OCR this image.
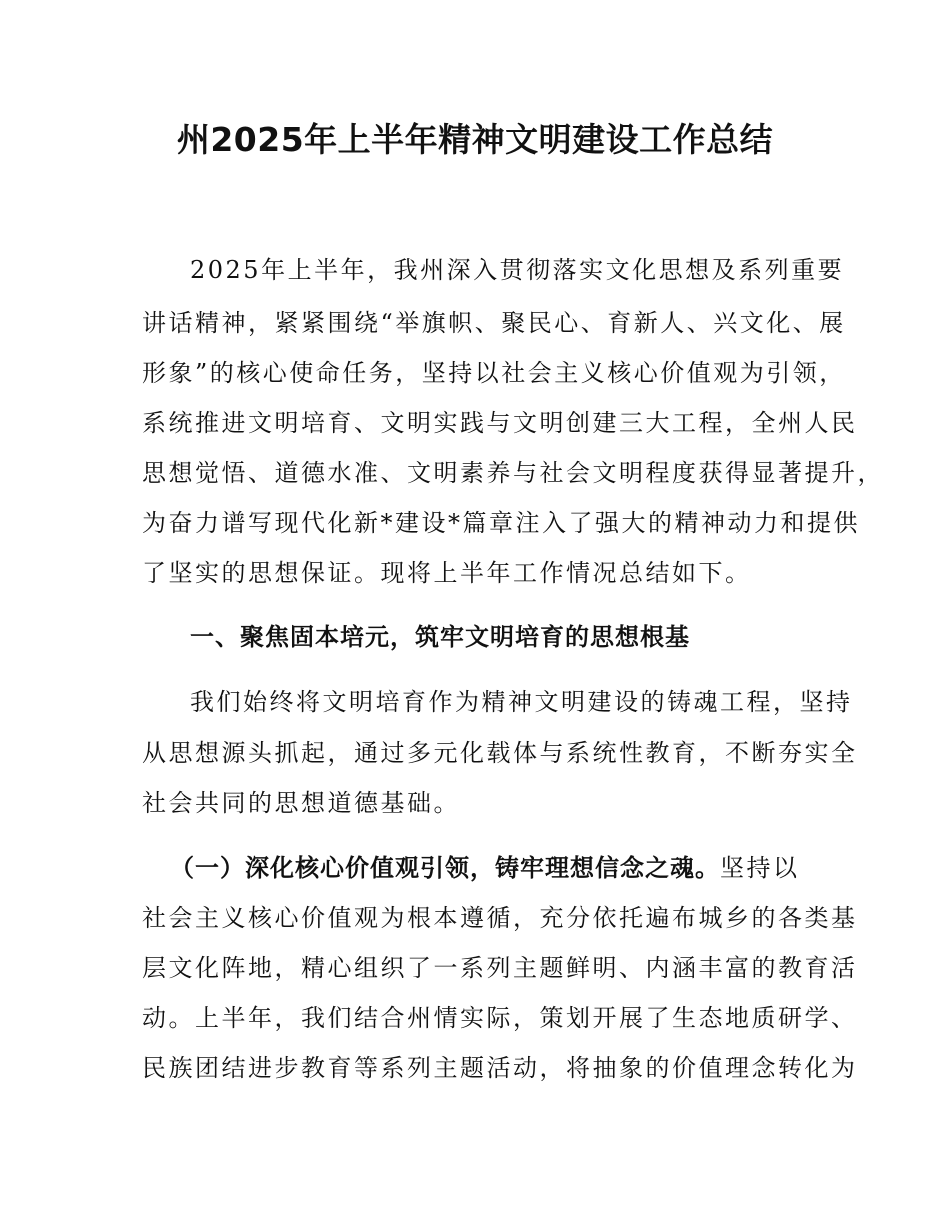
州2025年上半年精神文明建设工作总结
2025年上半年，我州深入贯彻落实文化思想及系列重要
讲话精神，紧紧围绕“举旗帜、聚民心、育新人、兴文化、展
形象”的核心使命任务，坚持以社会主义核心价值观为引领，
系统推进文明培育、文明实践与文明创建三大工程，全州人民
思想觉悟、道德水准、文明素养与社会文明程度获得显著提升，
为奋力谱写现代化新*建设*篇章注入了强大的精神动力和提供
了坚实的思想保证。现将上半年工作情况总结如下。
一、聚焦固本培元，筑牢文明培育的思想根基
我们始终将文明培育作为精神文明建设的铸魂工程，坚持
从思想源头抓起，通过多元化载体与系统性教育，不断夯实全
社会共同的思想道德基础。
（一）深化核心价值观引领，铸牢理想信念之魂。坚持以
社会主义核心价值观为根本遵循，充分依托遍布城乡的各类基
层文化阵地，精心组织了一系列主题鲜明、内涵丰富的教育活
动。上半年，我们结合州情实际，策划开展了生态地质研学、
民族团结进步教育等系列主题活动，将抽象的价值理念转化为
